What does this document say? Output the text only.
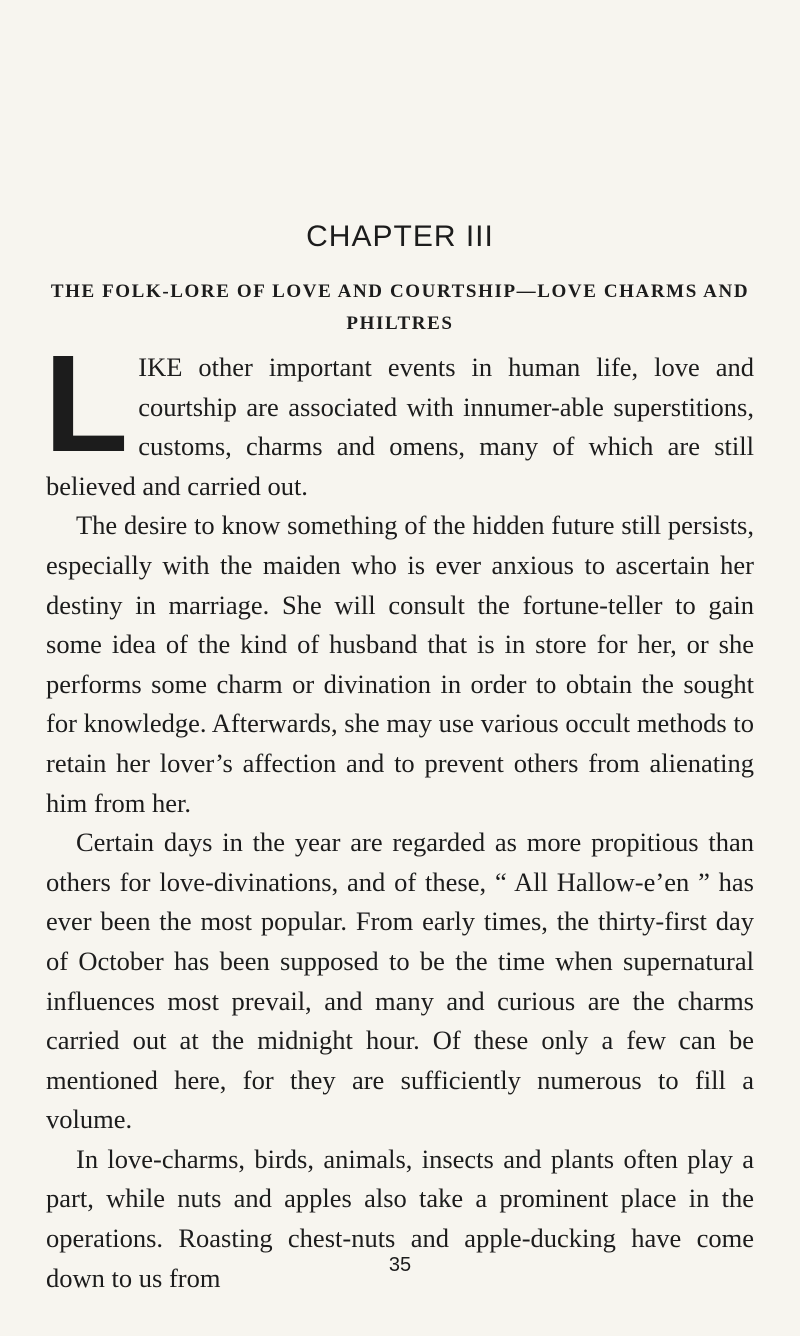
CHAPTER III
THE FOLK-LORE OF LOVE AND COURTSHIP—LOVE CHARMS AND PHILTRES

LIKE other important events in human life, love and courtship are associated with innumer-able superstitions, customs, charms and omens, many of which are still believed and carried out.

The desire to know something of the hidden future still persists, especially with the maiden who is ever anxious to ascertain her destiny in marriage. She will consult the fortune-teller to gain some idea of the kind of husband that is in store for her, or she performs some charm or divination in order to obtain the sought for knowledge. Afterwards, she may use various occult methods to retain her lover’s affection and to prevent others from alienating him from her.

Certain days in the year are regarded as more propitious than others for love-divinations, and of these, “ All Hallow-e’en ” has ever been the most popular. From early times, the thirty-first day of October has been supposed to be the time when supernatural influences most prevail, and many and curious are the charms carried out at the midnight hour. Of these only a few can be mentioned here, for they are sufficiently numerous to fill a volume.

In love-charms, birds, animals, insects and plants often play a part, while nuts and apples also take a prominent place in the operations. Roasting chest-nuts and apple-ducking have come down to us from	35
